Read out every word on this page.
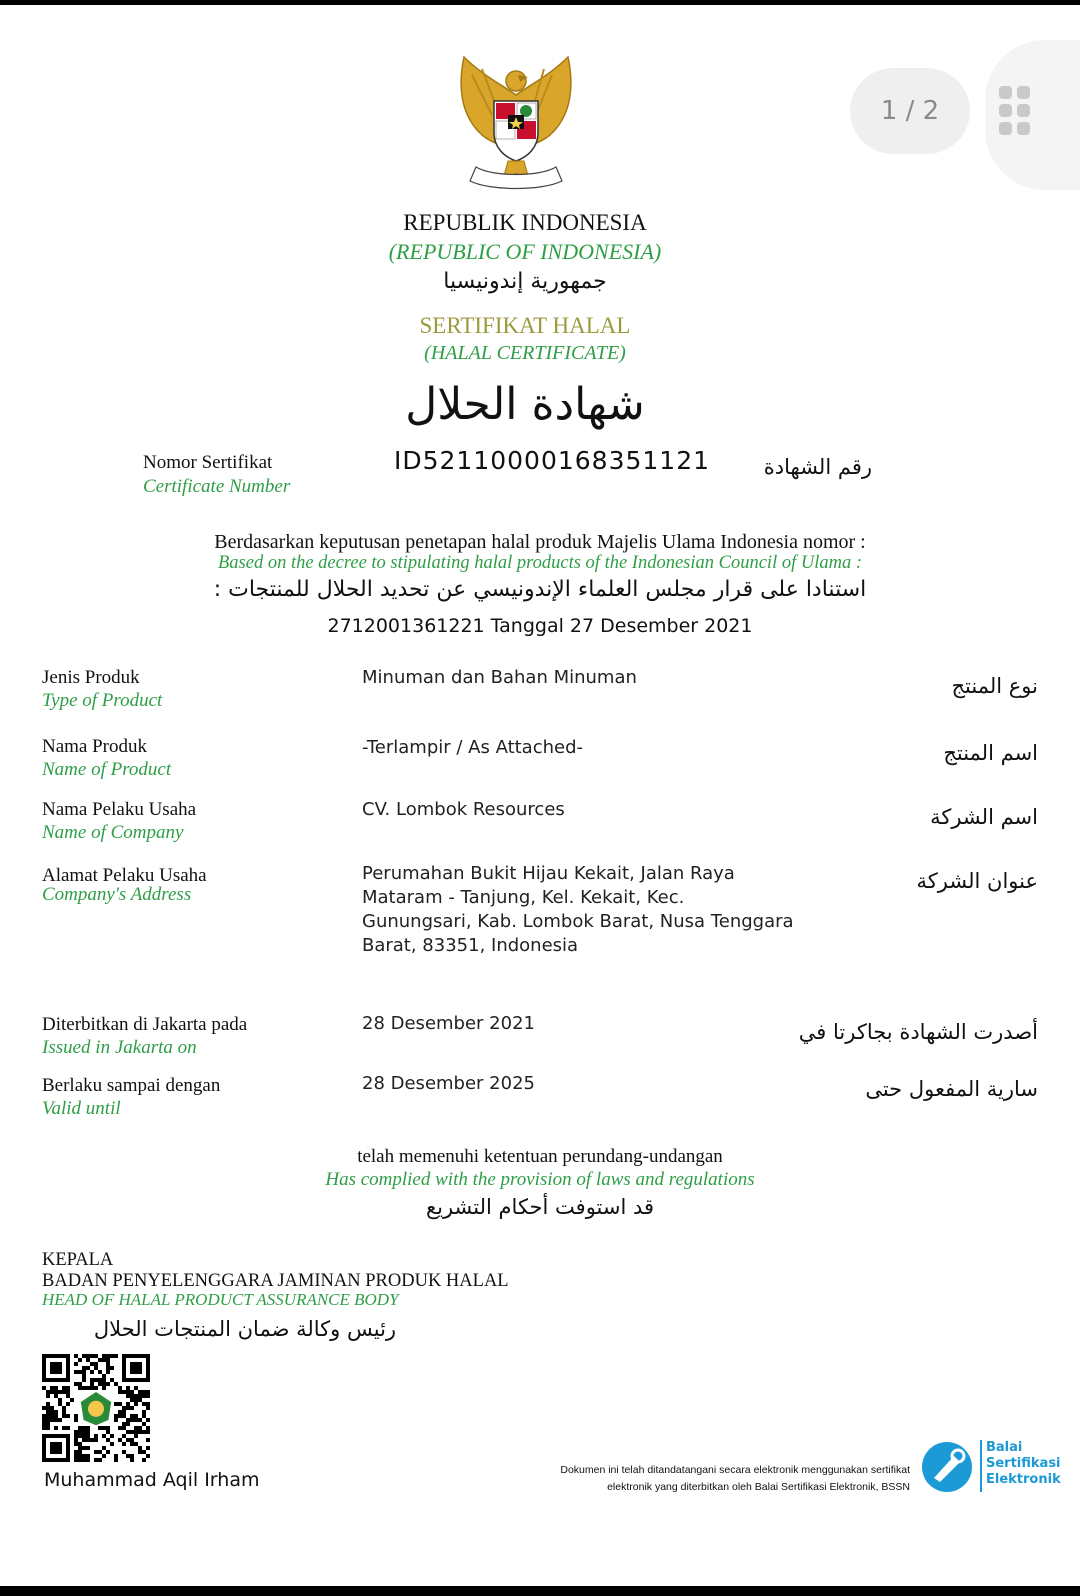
1 / 2
REPUBLIK INDONESIA
(REPUBLIC OF INDONESIA)
جمهورية إندونيسيا
SERTIFIKAT HALAL
(HALAL CERTIFICATE)
شهادة الحلال
Nomor Sertifikat
Certificate Number
ID52110000168351121	رقم الشهادة
Berdasarkan keputusan penetapan halal produk Majelis Ulama Indonesia nomor :
Based on the decree to stipulating halal products of the Indonesian Council of Ulama :
استنادا على قرار مجلس العلماء الإندونيسي عن تحديد الحلال للمنتجات :
2712001361221 Tanggal 27 Desember 2021
Jenis Produk
Type of Product
Minuman dan Bahan Minuman	نوع المنتج
Nama Produk
Name of Product
-Terlampir / As Attached-	اسم المنتج
Nama Pelaku Usaha
Name of Company
CV. Lombok Resources	اسم الشركة
Alamat Pelaku Usaha
Company's Address
Perumahan Bukit Hijau Kekait, Jalan Raya
Mataram - Tanjung, Kel. Kekait, Kec.
Gunungsari, Kab. Lombok Barat, Nusa Tenggara
Barat, 83351, Indonesia
عنوان الشركة
Diterbitkan di Jakarta pada
Issued in Jakarta on
28 Desember 2021	أصدرت الشهادة بجاكرتا في
Berlaku sampai dengan
Valid until
28 Desember 2025	سارية المفعول حتى
telah memenuhi ketentuan perundang-undangan
Has complied with the provision of laws and regulations
قد استوفت أحكام التشريع
KEPALA
BADAN PENYELENGGARA JAMINAN PRODUK HALAL
HEAD OF HALAL PRODUCT ASSURANCE BODY
رئيس وكالة ضمان المنتجات الحلال
Muhammad Aqil Irham	Dokumen ini telah ditandatangani secara elektronik menggunakan sertifikat
elektronik yang diterbitkan oleh Balai Sertifikasi Elektronik, BSSN
Balai
Sertifikasi
Elektronik
